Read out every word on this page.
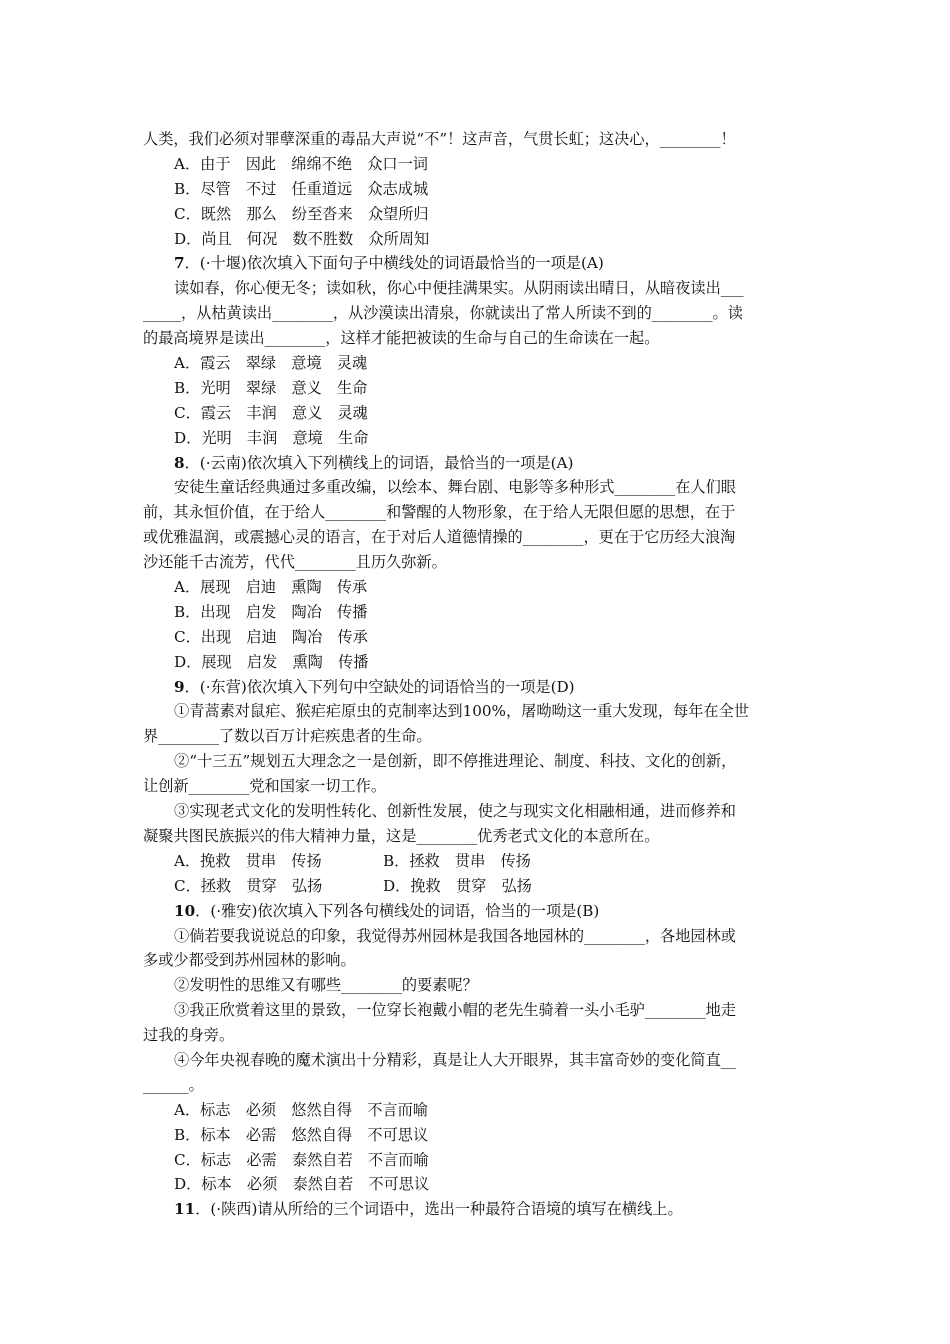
人类，我们必须对罪孽深重的毒品大声说“不”！这声音，气贯长虹；这决心，________！
A．由于　因此　绵绵不绝　众口一词
B．尽管　不过　任重道远　众志成城
C．既然　那么　纷至沓来　众望所归
D．尚且　何况　数不胜数　众所周知
7．(·十堰)依次填入下面句子中横线处的词语最恰当的一项是(A)
读如春，你心便无冬；读如秋，你心中便挂满果实。从阴雨读出晴日，从暗夜读出___
_____，从枯黄读出________，从沙漠读出清泉，你就读出了常人所读不到的________。读
的最高境界是读出________，这样才能把被读的生命与自己的生命读在一起。
A．霞云　翠绿　意境　灵魂
B．光明　翠绿　意义　生命
C．霞云　丰润　意义　灵魂
D．光明　丰润　意境　生命
8．(·云南)依次填入下列横线上的词语，最恰当的一项是(A)
安徒生童话经典通过多重改编，以绘本、舞台剧、电影等多种形式________在人们眼
前，其永恒价值，在于给人________和警醒的人物形象，在于给人无限但愿的思想，在于
或优雅温润，或震撼心灵的语言，在于对后人道德情操的________，更在于它历经大浪淘
沙还能千古流芳，代代________且历久弥新。
A．展现　启迪　熏陶　传承
B．出现　启发　陶冶　传播
C．出现　启迪　陶冶　传承
D．展现　启发　熏陶　传播
9．(·东营)依次填入下列句中空缺处的词语恰当的一项是(D)
①青蒿素对鼠疟、猴疟疟原虫的克制率达到100%，屠呦呦这一重大发现，每年在全世
界________了数以百万计疟疾患者的生命。
②“十三五”规划五大理念之一是创新，即不停推进理论、制度、科技、文化的创新，
让创新________党和国家一切工作。
③实现老式文化的发明性转化、创新性发展，使之与现实文化相融相通，进而修养和
凝聚共图民族振兴的伟大精神力量，这是________优秀老式文化的本意所在。
A．挽救　贯串　传扬	B．拯救　贯串　传扬
C．拯救　贯穿　弘扬	D．挽救　贯穿　弘扬
10．(·雅安)依次填入下列各句横线处的词语，恰当的一项是(B)
①倘若要我说说总的印象，我觉得苏州园林是我国各地园林的________，各地园林或
多或少都受到苏州园林的影响。
②发明性的思维又有哪些________的要素呢？
③我正欣赏着这里的景致，一位穿长袍戴小帽的老先生骑着一头小毛驴________地走
过我的身旁。
④今年央视春晚的魔术演出十分精彩，真是让人大开眼界，其丰富奇妙的变化简直__
______。
A．标志　必须　悠然自得　不言而喻
B．标本　必需　悠然自得　不可思议
C．标志　必需　泰然自若　不言而喻
D．标本　必须　泰然自若　不可思议
11．(·陕西)请从所给的三个词语中，选出一种最符合语境的填写在横线上。
